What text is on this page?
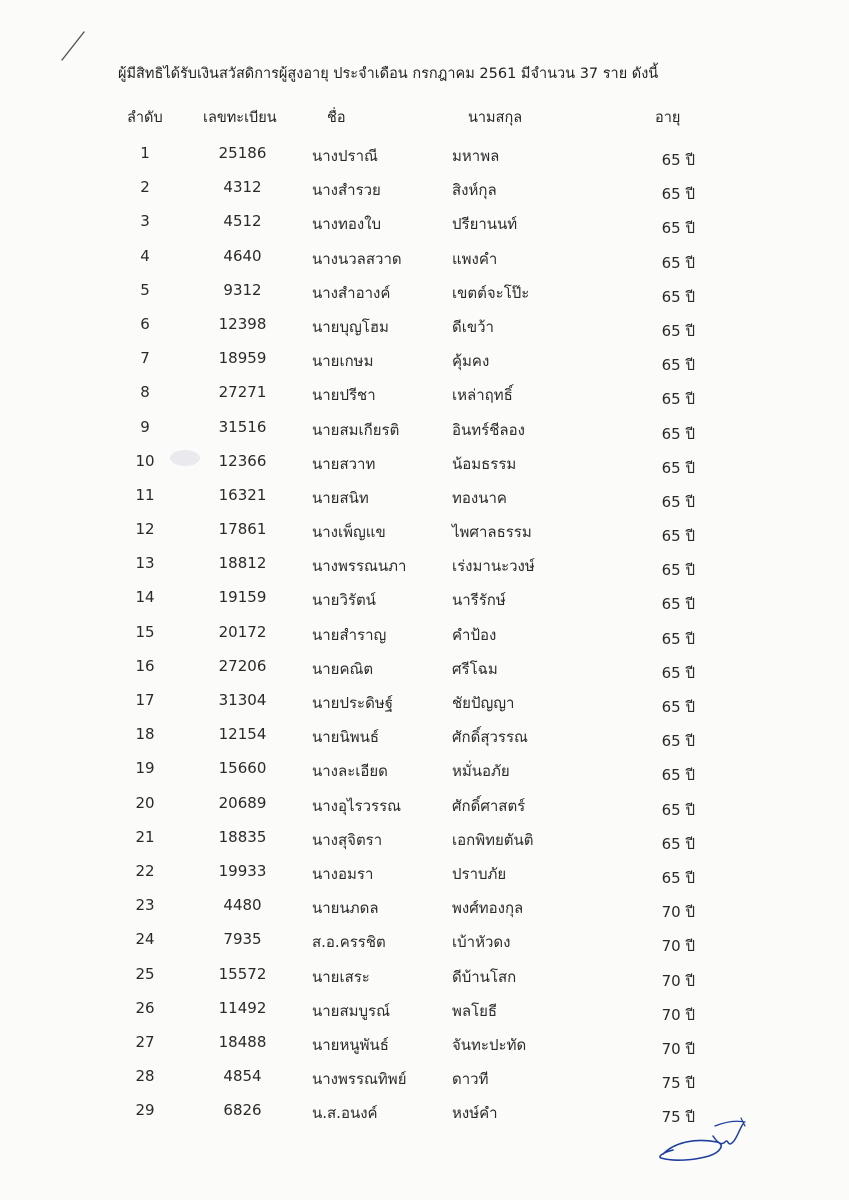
ผู้มีสิทธิได้รับเงินสวัสดิการผู้สูงอายุ ประจำเดือน กรกฎาคม 2561 มีจำนวน 37 ราย ดังนี้
ลำดับ	เลขทะเบียน	ชื่อ	นามสกุล	อายุ
1	25186	นางปราณี	มหาพล	65 ปี
2	4312	นางสำรวย	สิงห์กุล	65 ปี
3	4512	นางทองใบ	ปรียานนท์	65 ปี
4	4640	นางนวลสวาด	แพงคำ	65 ปี
5	9312	นางสำอางค์	เขตต์จะโป๊ะ	65 ปี
6	12398	นายบุญโฮม	ดีเขว้า	65 ปี
7	18959	นายเกษม	คุ้มคง	65 ปี
8	27271	นายปรีชา	เหล่าฤทธิ์	65 ปี
9	31516	นายสมเกียรติ	อินทร์ชีลอง	65 ปี
10	12366	นายสวาท	น้อมธรรม	65 ปี
11	16321	นายสนิท	ทองนาค	65 ปี
12	17861	นางเพ็ญแข	ไพศาลธรรม	65 ปี
13	18812	นางพรรณนภา	เร่งมานะวงษ์	65 ปี
14	19159	นายวิรัตน์	นารีรักษ์	65 ปี
15	20172	นายสำราญ	คำป้อง	65 ปี
16	27206	นายคณิต	ศรีโฉม	65 ปี
17	31304	นายประดิษฐ์	ชัยปัญญา	65 ปี
18	12154	นายนิพนธ์	ศักดิ์สุวรรณ	65 ปี
19	15660	นางละเอียด	หมั่นอภัย	65 ปี
20	20689	นางอุไรวรรณ	ศักดิ์ศาสตร์	65 ปี
21	18835	นางสุจิตรา	เอกพิทยตันติ	65 ปี
22	19933	นางอมรา	ปราบภัย	65 ปี
23	4480	นายนภดล	พงศ์ทองกุล	70 ปี
24	7935	ส.อ.ครรชิต	เบ้าหัวดง	70 ปี
25	15572	นายเสระ	ดีบ้านโสก	70 ปี
26	11492	นายสมบูรณ์	พลโยธี	70 ปี
27	18488	นายหนูพันธ์	จันทะปะทัด	70 ปี
28	4854	นางพรรณทิพย์	ดาวที	75 ปี
29	6826	น.ส.อนงค์	หงษ์คำ	75 ปี
